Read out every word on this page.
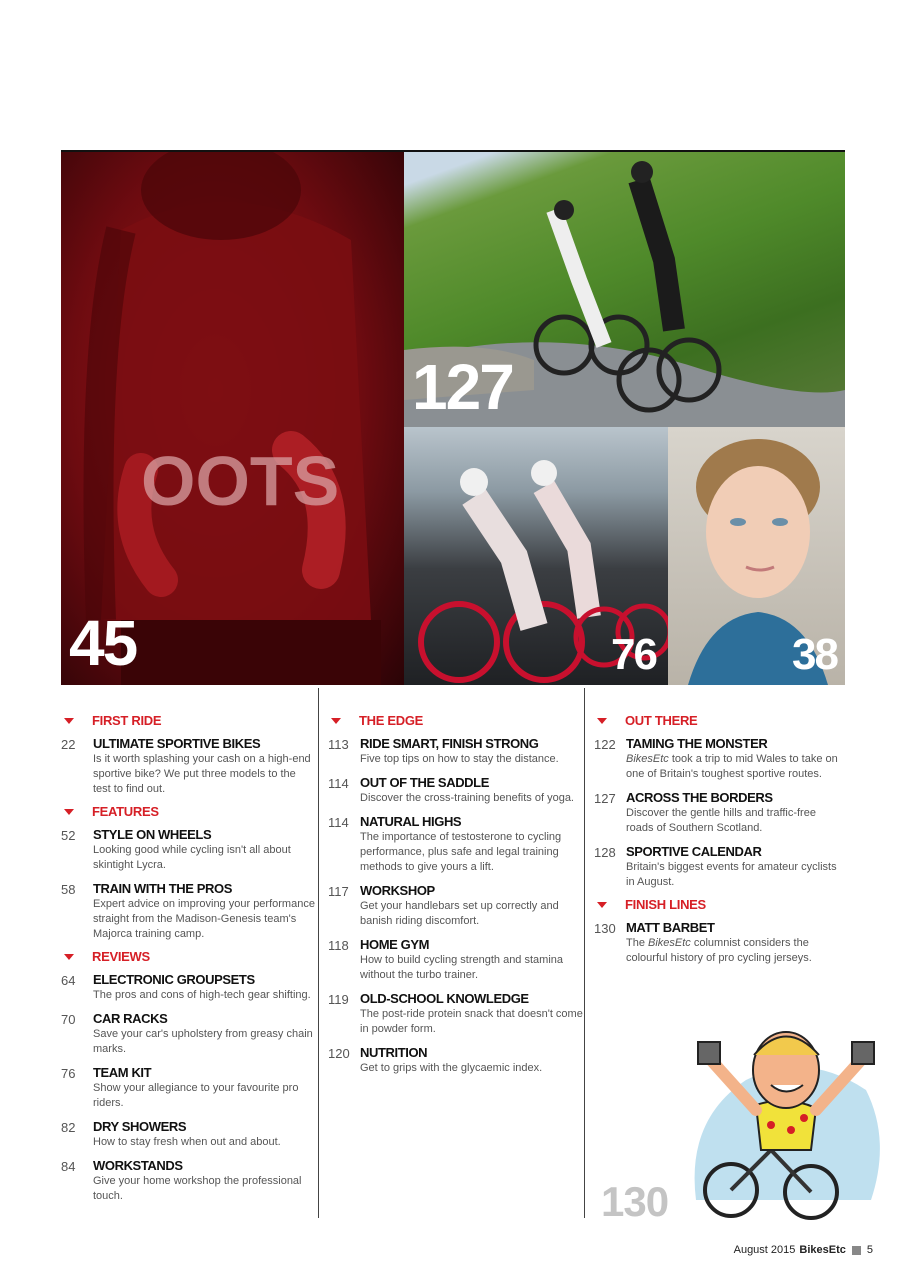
OOTS
45
127
76	38
FIRST RIDE
22	ULTIMATE SPORTIVE BIKES
Is it worth splashing your cash on a high-end sportive bike? We put three models to the test to find out.
FEATURES
52	STYLE ON WHEELS
Looking good while cycling isn't all about skintight Lycra.
58	TRAIN WITH THE PROS
Expert advice on improving your performance straight from the Madison-Genesis team's Majorca training camp.
REVIEWS
64	ELECTRONIC GROUPSETS
The pros and cons of high-tech gear shifting.
70	CAR RACKS
Save your car's upholstery from greasy chain marks.
76	TEAM KIT
Show your allegiance to your favourite pro riders.
82	DRY SHOWERS
How to stay fresh when out and about.
84	WORKSTANDS
Give your home workshop the professional touch.
THE EDGE
113 RIDE SMART, FINISH STRONG
Five top tips on how to stay the distance.
114 OUT OF THE SADDLE
Discover the cross-training benefits of yoga.
114 NATURAL HIGHS
The importance of testosterone to cycling performance, plus safe and legal training methods to give yours a lift.
117 WORKSHOP
Get your handlebars set up correctly and banish riding discomfort.
118 HOME GYM
How to build cycling strength and stamina without the turbo trainer.
119 OLD-SCHOOL KNOWLEDGE
The post-ride protein snack that doesn't come in powder form.
120 NUTRITION
Get to grips with the glycaemic index.
OUT THERE
122 TAMING THE MONSTER
BikesEtc took a trip to mid Wales to take on one of Britain's toughest sportive routes.
127 ACROSS THE BORDERS
Discover the gentle hills and traffic-free roads of Southern Scotland.
128 SPORTIVE CALENDAR
Britain's biggest events for amateur cyclists in August.
FINISH LINES
130 MATT BARBET
The BikesEtc columnist considers the colourful history of pro cycling jerseys.
130
August 2015 BikesEtc 5
